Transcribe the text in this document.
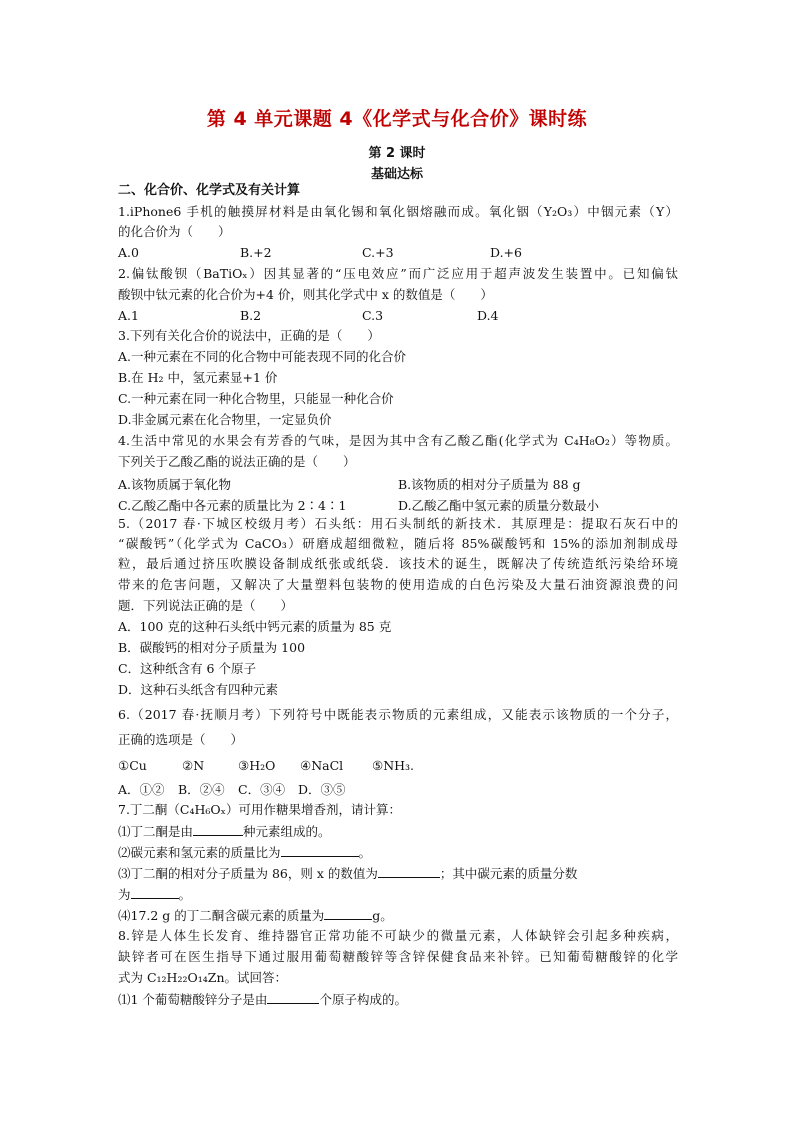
第 4 单元课题 4《化学式与化合价》课时练
第 2 课时
基础达标
二、化合价、化学式及有关计算
1.iPhone6 手机的触摸屏材料是由氧化锡和氧化铟熔融而成。氧化铟（Y₂O₃）中铟元素（Y）
的化合价为（　　）
A.0	B.+2	C.+3	D.+6
2.偏钛酸钡（BaTiOₓ）因其显著的“压电效应”而广泛应用于超声波发生装置中。已知偏钛
酸钡中钛元素的化合价为+4 价，则其化学式中 x 的数值是（　　）
A.1	B.2	C.3	D.4
3.下列有关化合价的说法中，正确的是（　　）
A.一种元素在不同的化合物中可能表现不同的化合价
B.在 H₂ 中，氢元素显+1 价
C.一种元素在同一种化合物里，只能显一种化合价
D.非金属元素在化合物里，一定显负价
4.生活中常见的水果会有芳香的气味，是因为其中含有乙酸乙酯(化学式为 C₄H₈O₂）等物质。
下列关于乙酸乙酯的说法正确的是（　　）
A.该物质属于氧化物	B.该物质的相对分子质量为 88 g
C.乙酸乙酯中各元素的质量比为 2∶4∶1	D.乙酸乙酯中氢元素的质量分数最小
5.（2017 春·下城区校级月考）石头纸：用石头制纸的新技术．其原理是：提取石灰石中的
“碳酸钙”（化学式为 CaCO₃）研磨成超细微粒，随后将 85%碳酸钙和 15%的添加剂制成母
粒，最后通过挤压吹膜设备制成纸张或纸袋．该技术的诞生，既解决了传统造纸污染给环境
带来的危害问题，又解决了大量塑料包装物的使用造成的白色污染及大量石油资源浪费的问
题．下列说法正确的是（　　）
A．100 克的这种石头纸中钙元素的质量为 85 克
B．碳酸钙的相对分子质量为 100
C．这种纸含有 6 个原子
D．这种石头纸含有四种元素
6.（2017 春·抚顺月考）下列符号中既能表示物质的元素组成，又能表示该物质的一个分子，
正确的选项是（　　）
①Cu	②N	③H₂O ④NaCl ⑤NH₃.
A．①② B．②④ C．③④ D．③⑤
7.丁二酮（C₄H₆Oₓ）可用作糖果增香剂，请计算：
⑴丁二酮是由	种元素组成的。
⑵碳元素和氢元素的质量比为	。
⑶丁二酮的相对分子质量为 86，则 x 的数值为	；其中碳元素的质量分数
为	。
⑷17.2 g 的丁二酮含碳元素的质量为	g。
8.锌是人体生长发育、维持器官正常功能不可缺少的微量元素，人体缺锌会引起多种疾病，
缺锌者可在医生指导下通过服用葡萄糖酸锌等含锌保健食品来补锌。已知葡萄糖酸锌的化学
式为 C₁₂H₂₂O₁₄Zn。试回答：
⑴1 个葡萄糖酸锌分子是由	个原子构成的。
